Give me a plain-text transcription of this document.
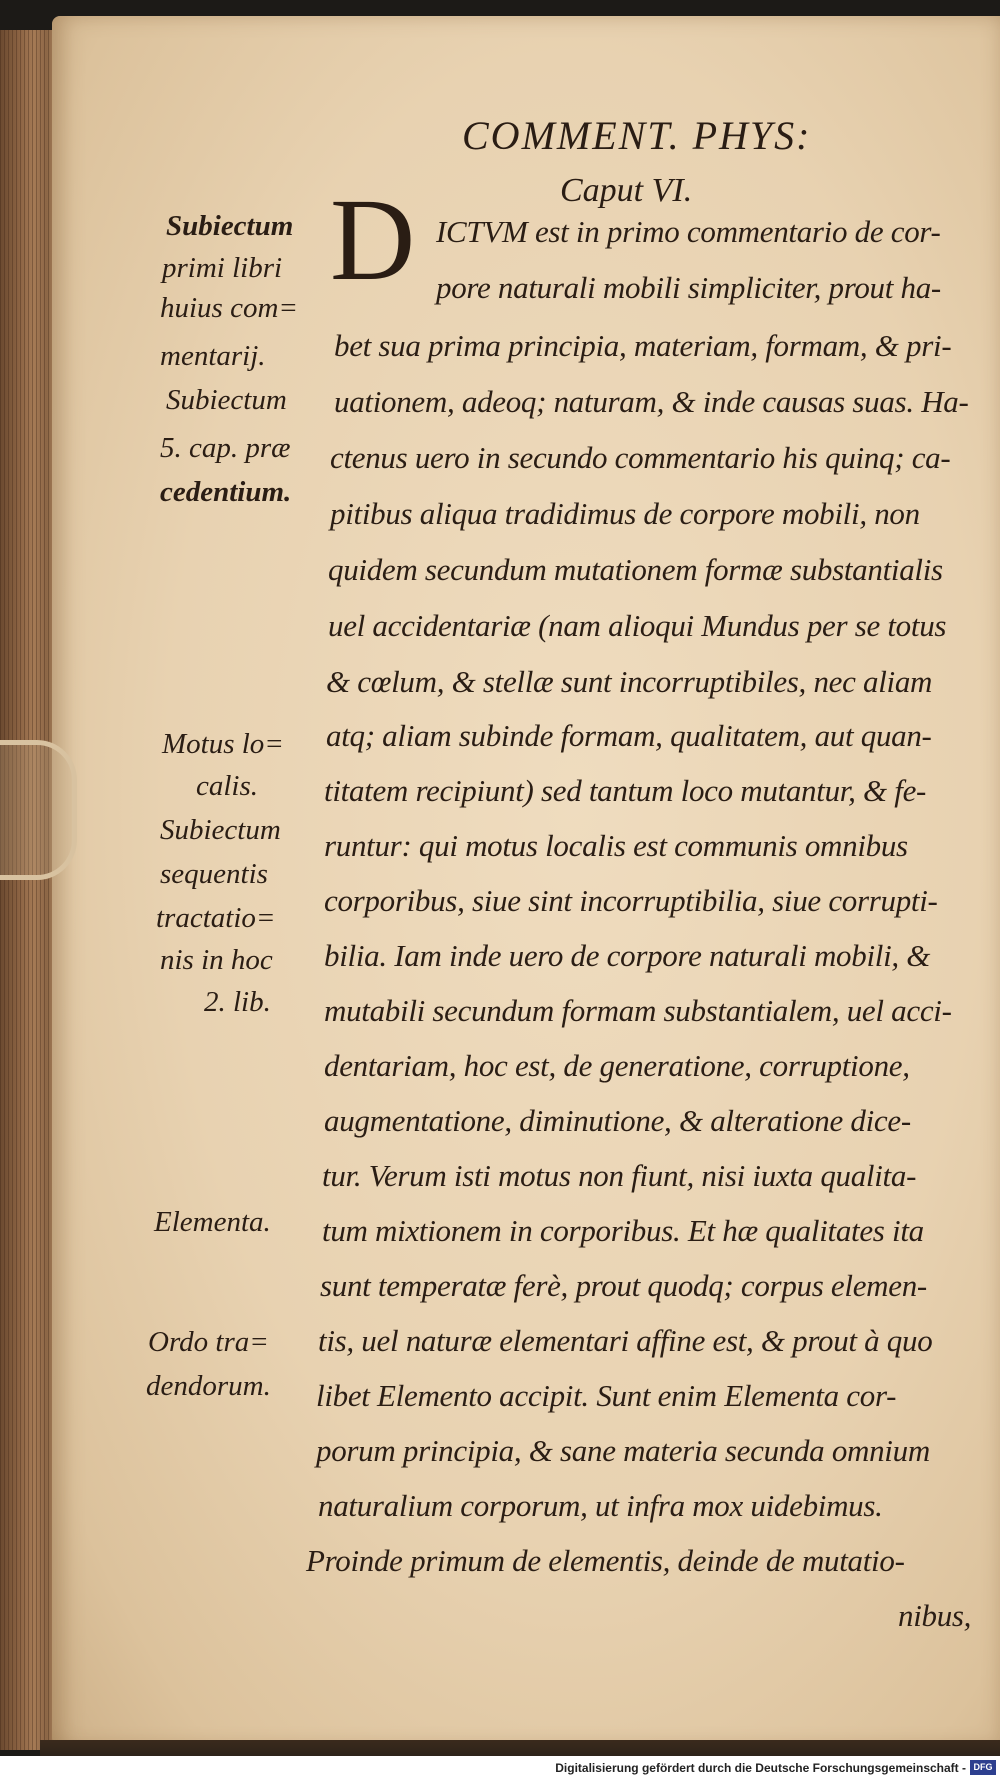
COMMENT. PHYS:
Caput VI.
D ICTVM est in primo commentario de cor-
pore naturali mobili simpliciter, prout ha-
bet sua prima principia, materiam, formam, & pri-
uationem, adeoq; naturam, & inde causas suas. Ha-
ctenus uero in secundo commentario his quinq; ca-
pitibus aliqua tradidimus de corpore mobili, non
quidem secundum mutationem formæ substantialis
uel accidentariæ (nam alioqui Mundus per se totus
& cœlum, & stellæ sunt incorruptibiles, nec aliam
atq; aliam subinde formam, qualitatem, aut quan-
titatem recipiunt) sed tantum loco mutantur, & fe-
runtur: qui motus localis est communis omnibus
corporibus, siue sint incorruptibilia, siue corrupti-
bilia. Iam inde uero de corpore naturali mobili, &
mutabili secundum formam substantialem, uel acci-
dentariam, hoc est, de generatione, corruptione,
augmentatione, diminutione, & alteratione dice-
tur. Verum isti motus non fiunt, nisi iuxta qualita-
tum mixtionem in corporibus. Et hæ qualitates ita
sunt temperatæ ferè, prout quodq; corpus elemen-
tis, uel naturæ elementari affine est, & prout à quo
libet Elemento accipit. Sunt enim Elementa cor-
porum principia, & sane materia secunda omnium
naturalium corporum, ut infra mox uidebimus.
Proinde primum de elementis, deinde de mutatio-
nibus,
Subiectum
primi libri
huius com=
mentarij.
Subiectum
5. cap. præ
cedentium.
Motus lo=
calis.
Subiectum
sequentis
tractatio=
nis in hoc
2. lib.
Elementa.
Ordo tra=
dendorum.
Digitalisierung gefördert durch die Deutsche Forschungsgemeinschaft - DFG
